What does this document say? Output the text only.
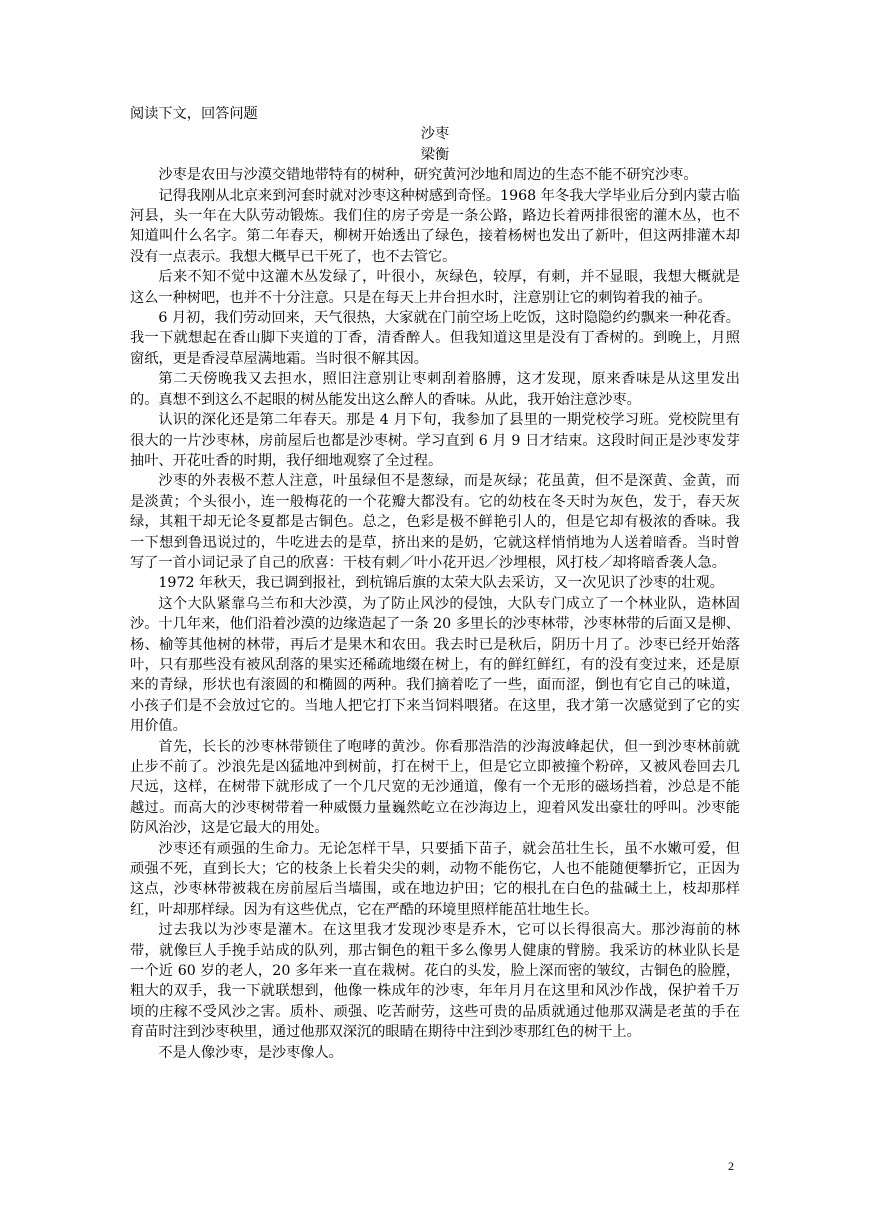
阅读下文，回答问题

沙枣

梁衡

沙枣是农田与沙漠交错地带特有的树种，研究黄河沙地和周边的生态不能不研究沙枣。

记得我刚从北京来到河套时就对沙枣这种树感到奇怪。1968 年冬我大学毕业后分到内蒙古临河县，头一年在大队劳动锻炼。我们住的房子旁是一条公路，路边长着两排很密的灌木丛，也不知道叫什么名字。第二年春天，柳树开始透出了绿色，接着杨树也发出了新叶，但这两排灌木却没有一点表示。我想大概早已干死了，也不去管它。

后来不知不觉中这灌木丛发绿了，叶很小，灰绿色，较厚，有刺，并不显眼，我想大概就是这么一种树吧，也并不十分注意。只是在每天上井台担水时，注意别让它的刺钩着我的袖子。

6 月初，我们劳动回来，天气很热，大家就在门前空场上吃饭，这时隐隐约约飘来一种花香。我一下就想起在香山脚下夹道的丁香，清香醉人。但我知道这里是没有丁香树的。到晚上，月照窗纸，更是香浸草屋满地霜。当时很不解其因。

第二天傍晚我又去担水，照旧注意别让枣刺刮着胳膊，这才发现，原来香味是从这里发出的。真想不到这么不起眼的树丛能发出这么醉人的香味。从此，我开始注意沙枣。

认识的深化还是第二年春天。那是 4 月下旬，我参加了县里的一期党校学习班。党校院里有很大的一片沙枣林，房前屋后也都是沙枣树。学习直到 6 月 9 日才结束。这段时间正是沙枣发芽抽叶、开花吐香的时期，我仔细地观察了全过程。

沙枣的外表极不惹人注意，叶虽绿但不是葱绿，而是灰绿；花虽黄，但不是深黄、金黄，而是淡黄；个头很小，连一般梅花的一个花瓣大都没有。它的幼枝在冬天时为灰色，发于，春天灰绿，其粗干却无论冬夏都是古铜色。总之，色彩是极不鲜艳引人的，但是它却有极浓的香味。我一下想到鲁迅说过的，牛吃进去的是草，挤出来的是奶，它就这样悄悄地为人送着暗香。当时曾写了一首小词记录了自己的欣喜：干枝有刺／叶小花开迟／沙埋根，风打枝／却将暗香袭人急。

1972 年秋天，我已调到报社，到杭锦后旗的太荣大队去采访，又一次见识了沙枣的壮观。

这个大队紧靠乌兰布和大沙漠，为了防止风沙的侵蚀，大队专门成立了一个林业队，造林固沙。十几年来，他们沿着沙漠的边缘造起了一条 20 多里长的沙枣林带，沙枣林带的后面又是柳、杨、榆等其他树的林带，再后才是果木和农田。我去时已是秋后，阴历十月了。沙枣已经开始落叶，只有那些没有被风刮落的果实还稀疏地缀在树上，有的鲜红鲜红，有的没有变过来，还是原来的青绿，形状也有滚圆的和椭圆的两种。我们摘着吃了一些，面而涩，倒也有它自己的味道，小孩子们是不会放过它的。当地人把它打下来当饲料喂猪。在这里，我才第一次感觉到了它的实用价值。

首先，长长的沙枣林带锁住了咆哮的黄沙。你看那浩浩的沙海波峰起伏，但一到沙枣林前就止步不前了。沙浪先是凶猛地冲到树前，打在树干上，但是它立即被撞个粉碎，又被风卷回去几尺远，这样，在树带下就形成了一个几尺宽的无沙通道，像有一个无形的磁场挡着，沙总是不能越过。而高大的沙枣树带着一种威慑力量巍然屹立在沙海边上，迎着风发出豪壮的呼叫。沙枣能防风治沙，这是它最大的用处。

沙枣还有顽强的生命力。无论怎样干旱，只要插下苗子，就会茁壮生长，虽不水嫩可爱，但顽强不死，直到长大；它的枝条上长着尖尖的刺，动物不能伤它，人也不能随便攀折它，正因为这点，沙枣林带被栽在房前屋后当墙围，或在地边护田；它的根扎在白色的盐碱土上，枝却那样红，叶却那样绿。因为有这些优点，它在严酷的环境里照样能茁壮地生长。

过去我以为沙枣是灌木。在这里我才发现沙枣是乔木，它可以长得很高大。那沙海前的林带，就像巨人手挽手站成的队列，那古铜色的粗干多么像男人健康的臂膀。我采访的林业队长是一个近 60 岁的老人，20 多年来一直在栽树。花白的头发，脸上深而密的皱纹，古铜色的脸膛，粗大的双手，我一下就联想到，他像一株成年的沙枣，年年月月在这里和风沙作战，保护着千万顷的庄稼不受风沙之害。质朴、顽强、吃苦耐劳，这些可贵的品质就通过他那双满是老茧的手在育苗时注到沙枣秧里，通过他那双深沉的眼睛在期待中注到沙枣那红色的树干上。

不是人像沙枣，是沙枣像人。

2
